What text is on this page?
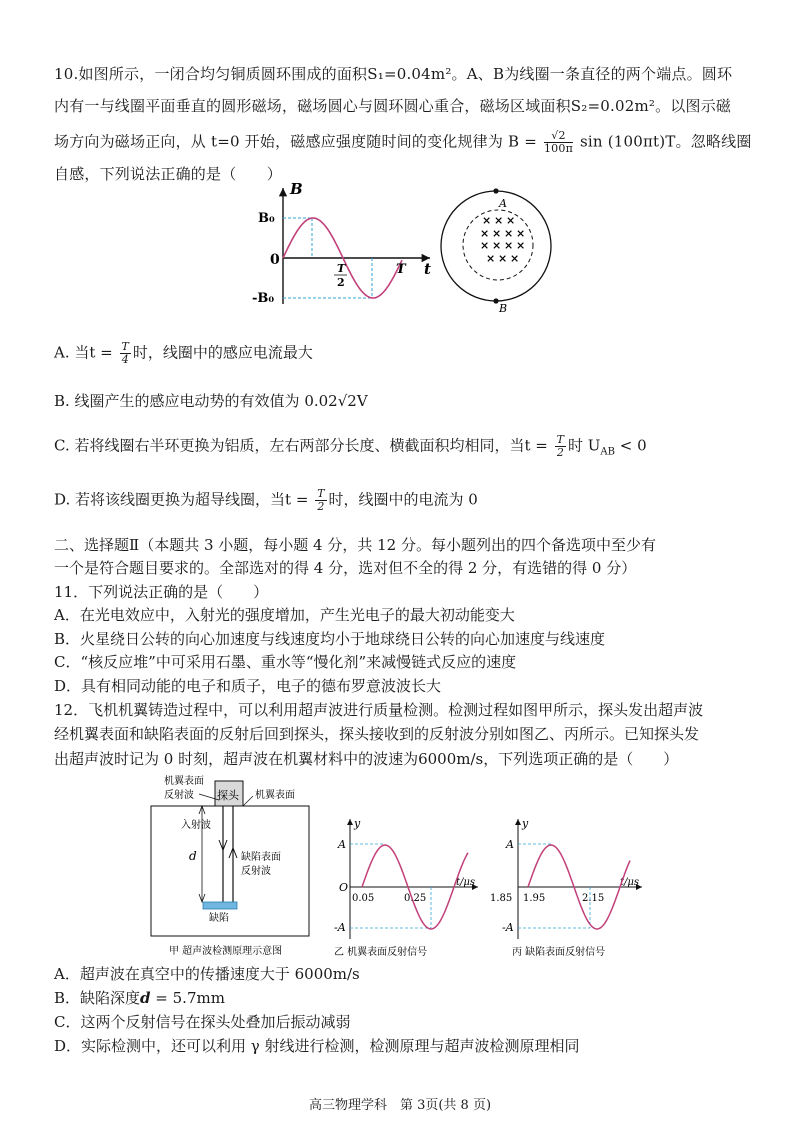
10.如图所示，一闭合均匀铜质圆环围成的面积S₁=0.04m²。A、B为线圈一条直径的两个端点。圆环
内有一与线圈平面垂直的圆形磁场，磁场圆心与圆环圆心重合，磁场区域面积S₂=0.02m²。以图示磁
场方向为磁场正向，从 t=0 开始，磁感应强度随时间的变化规律为 $B = \frac{√2}{100\pi}$ sin (100πt)T。忽略线圈
自感，下列说法正确的是（　　）
B
t
B₀
-B₀
0
T
2
T
A
B
× × ×
× × × ×
× × × ×
× × ×
A. 当$t = \frac{T}{4}$ 时，线圈中的感应电流最大
B. 线圈产生的感应电动势的有效值为 0.02√2V
C. 若将线圈右半环更换为铝质，左右两部分长度、横截面积均相同，当$t = \frac{T}{2}$ 时 $U_{AB} < 0$
D. 若将该线圈更换为超导线圈，当$t = \frac{T}{2}$ 时，线圈中的电流为 0
二、选择题Ⅱ（本题共 3 小题，每小题 4 分，共 12 分。每小题列出的四个备选项中至少有
一个是符合题目要求的。全部选对的得 4 分，选对但不全的得 2 分，有选错的得 0 分）
11．下列说法正确的是（　　）
A．在光电效应中，入射光的强度增加，产生光电子的最大初动能变大
B．火星绕日公转的向心加速度与线速度均小于地球绕日公转的向心加速度与线速度
C．“核反应堆”中可采用石墨、重水等“慢化剂”来减慢链式反应的速度
D．具有相同动能的电子和质子，电子的德布罗意波波长大
12．飞机机翼铸造过程中，可以利用超声波进行质量检测。检测过程如图甲所示，探头发出超声波
经机翼表面和缺陷表面的反射后回到探头，探头接收到的反射波分别如图乙、丙所示。已知探头发
出超声波时记为 0 时刻，超声波在机翼材料中的波速为6000m/s，下列选项正确的是（　　）
探头
机翼表面
反射波	机翼表面
入射波
d	缺陷表面
反射波
缺陷
甲 超声波检测原理示意图
y
t/μs
A
-A
O
0.05	0.25
乙 机翼表面反射信号
y
t/μs
A
-A
1.85 1.95	2.15
丙 缺陷表面反射信号
A．超声波在真空中的传播速度大于 6000m/s
B．缺陷深度d = 5.7mm
C．这两个反射信号在探头处叠加后振动减弱
D．实际检测中，还可以利用 γ 射线进行检测，检测原理与超声波检测原理相同
高三物理学科　第 3页(共 8 页)
